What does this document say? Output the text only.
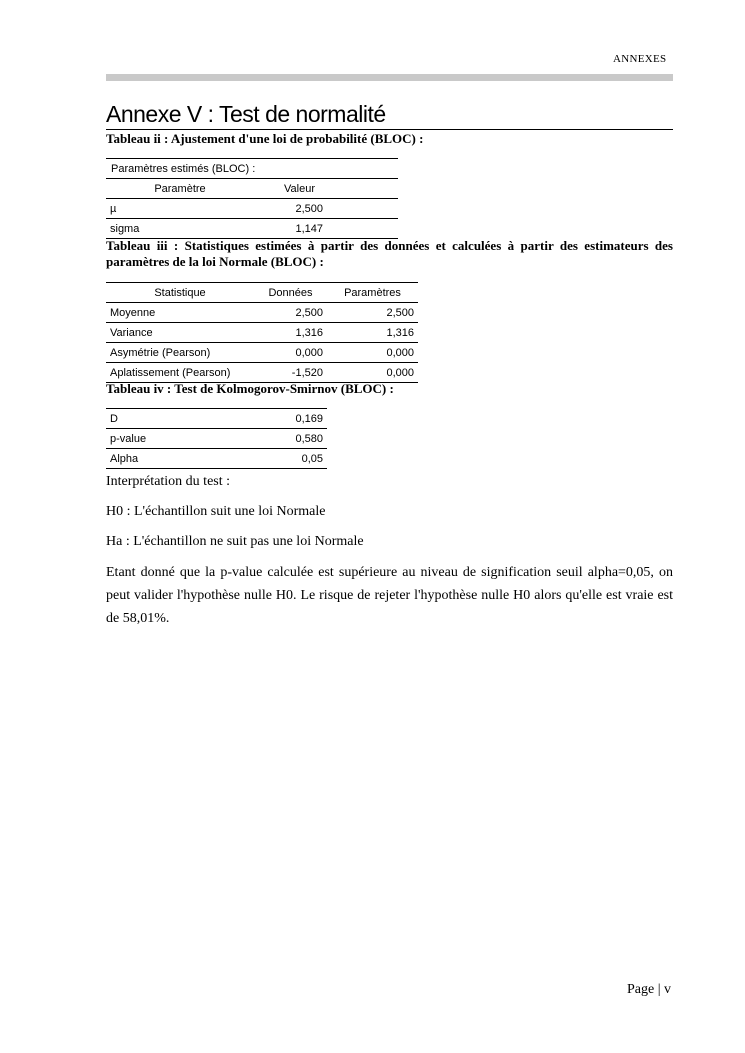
ANNEXES
Annexe V : Test de normalité
Tableau ii : Ajustement d'une loi de probabilité (BLOC) :
Paramètres estimés (BLOC) :	
Paramètre	Valeur
µ	2,500
sigma	1,147
Tableau iii : Statistiques estimées à partir des données et calculées à partir des estimateurs des paramètres de la loi Normale (BLOC) :
Statistique	Données	Paramètres
Moyenne	2,500	2,500
Variance	1,316	1,316
Asymétrie (Pearson)	0,000	0,000
Aplatissement (Pearson)	-1,520	0,000
Tableau iv : Test de Kolmogorov-Smirnov (BLOC) :
D	0,169
p-value	0,580
Alpha	0,05
Interprétation du test :
H0 : L'échantillon suit une loi Normale
Ha : L'échantillon ne suit pas une loi Normale
Etant donné que la p-value calculée est supérieure au niveau de signification seuil alpha=0,05, on peut valider l'hypothèse nulle H0. Le risque de rejeter l'hypothèse nulle H0 alors qu'elle est vraie est de 58,01%.
Page | v
